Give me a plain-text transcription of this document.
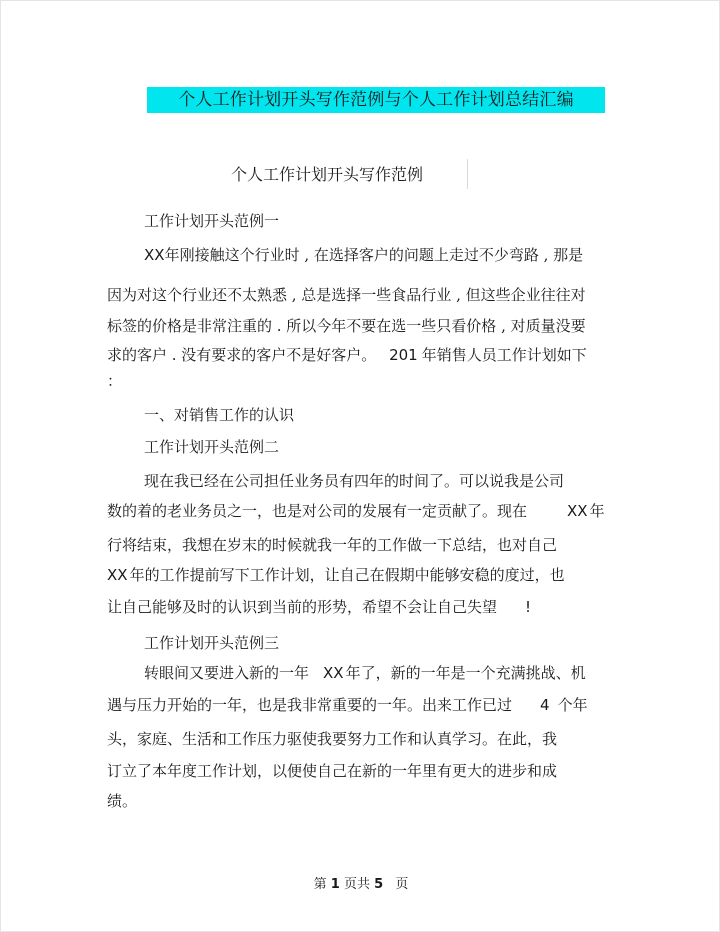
个人工作计划开头写作范例与个人工作计划总结汇编
个人工作计划开头写作范例
工作计划开头范例一
XX年刚接触这个行业时 , 在选择客户的问题上走过不少弯路 , 那是
因为对这个行业还不太熟悉 , 总是选择一些食品行业 , 但这些企业往往对
标签的价格是非常注重的 . 所以今年不要在选一些只看价格 , 对质量没要
求的客户 . 没有要求的客户不是好客户。 201 年销售人员工作计划如下
：
一、对销售工作的认识
工作计划开头范例二
现在我已经在公司担任业务员有四年的时间了。可以说我是公司
数的着的老业务员之一，也是对公司的发展有一定贡献了。现在	XX 年
行将结束，我想在岁末的时候就我一年的工作做一下总结，也对自己
XX 年的工作提前写下工作计划，让自己在假期中能够安稳的度过，也
让自己能够及时的认识到当前的形势，希望不会让自己失望 !
工作计划开头范例三
转眼间又要进入新的一年 XX 年了，新的一年是一个充满挑战、机
遇与压力开始的一年，也是我非常重要的一年。出来工作已过 4 个年
头，家庭、生活和工作压力驱使我要努力工作和认真学习。在此，我
订立了本年度工作计划，以便使自己在新的一年里有更大的进步和成
绩。
第 1 页共 5 页
